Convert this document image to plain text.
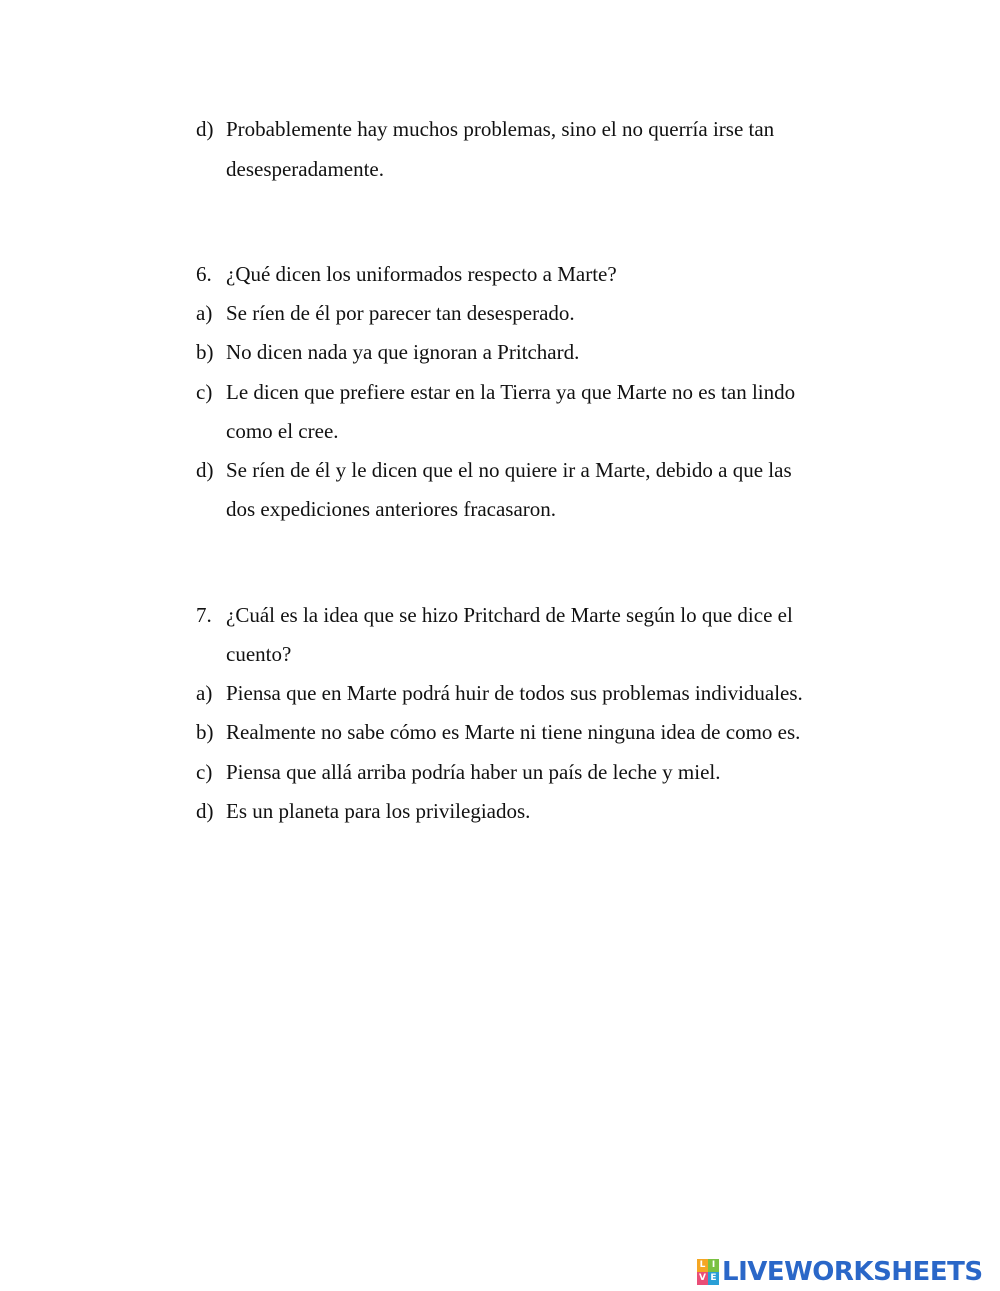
d) Probablemente hay muchos problemas, sino el no querría irse tan
desesperadamente.
6. ¿Qué dicen los uniformados respecto a Marte?
a) Se ríen de él por parecer tan desesperado.
b) No dicen nada ya que ignoran a Pritchard.
c) Le dicen que prefiere estar en la Tierra ya que Marte no es tan lindo
como el cree.
d) Se ríen de él y le dicen que el no quiere ir a Marte, debido a que las
dos expediciones anteriores fracasaron.
7. ¿Cuál es la idea que se hizo Pritchard de Marte según lo que dice el
cuento?
a) Piensa que en Marte podrá huir de todos sus problemas individuales.
b) Realmente no sabe cómo es Marte ni tiene ninguna idea de como es.
c) Piensa que allá arriba podría haber un país de leche y miel.
d) Es un planeta para los privilegiados.
L I
V E LIVEWORKSHEETS
